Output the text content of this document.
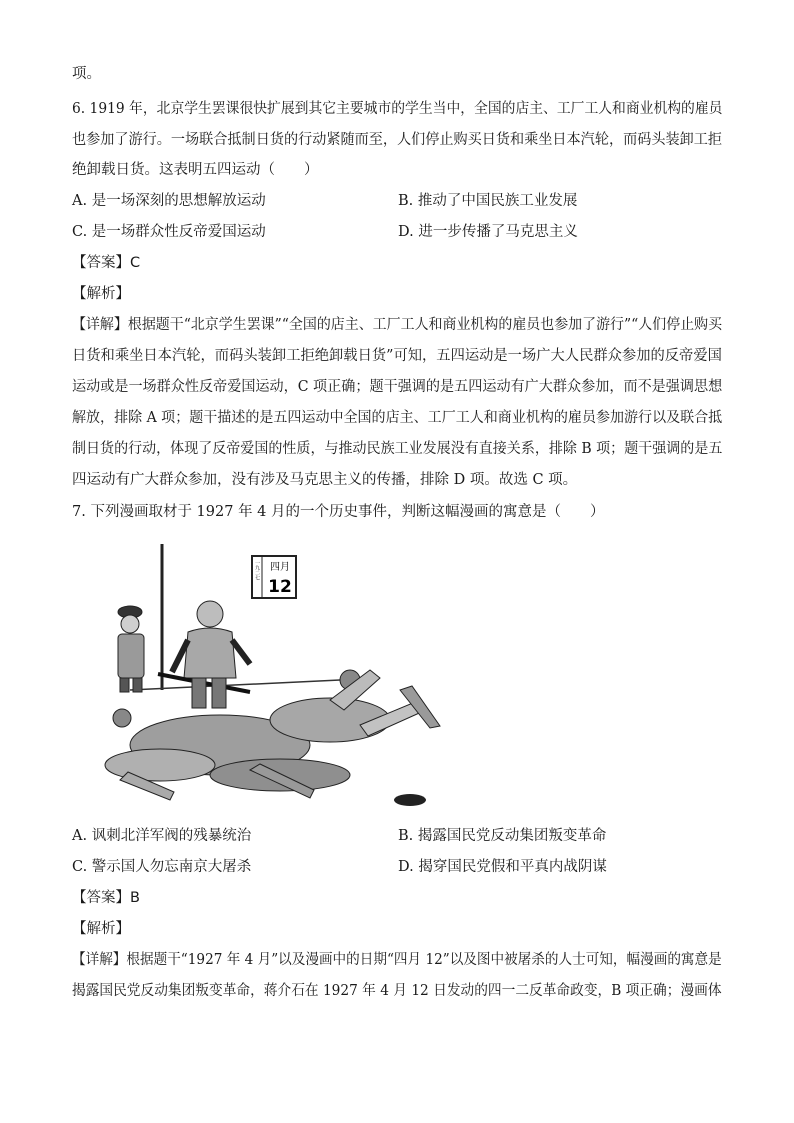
项。
6. 1919 年，北京学生罢课很快扩展到其它主要城市的学生当中，全国的店主、工厂工人和商业机构的雇员
也参加了游行。一场联合抵制日货的行动紧随而至，人们停止购买日货和乘坐日本汽轮，而码头装卸工拒
绝卸载日货。这表明五四运动（　　）
A. 是一场深刻的思想解放运动	B. 推动了中国民族工业发展
C. 是一场群众性反帝爱国运动	D. 进一步传播了马克思主义
【答案】C
【解析】
【详解】根据题干“北京学生罢课”“全国的店主、工厂工人和商业机构的雇员也参加了游行”“人们停止购买
日货和乘坐日本汽轮，而码头装卸工拒绝卸载日货”可知，五四运动是一场广大人民群众参加的反帝爱国
运动或是一场群众性反帝爱国运动，C 项正确；题干强调的是五四运动有广大群众参加，而不是强调思想
解放，排除 A 项；题干描述的是五四运动中全国的店主、工厂工人和商业机构的雇员参加游行以及联合抵
制日货的行动，体现了反帝爱国的性质，与推动民族工业发展没有直接关系，排除 B 项；题干强调的是五
四运动有广大群众参加，没有涉及马克思主义的传播，排除 D 项。故选 C 项。
7. 下列漫画取材于 1927 年 4 月的一个历史事件，判断这幅漫画的寓意是（　　）
四月
12
一九二七
A. 讽刺北洋军阀的残暴统治	B. 揭露国民党反动集团叛变革命
C. 警示国人勿忘南京大屠杀	D. 揭穿国民党假和平真内战阴谋
【答案】B
【解析】
【详解】根据题干“1927 年 4 月”以及漫画中的日期“四月 12”以及图中被屠杀的人士可知，幅漫画的寓意是
揭露国民党反动集团叛变革命，蒋介石在 1927 年 4 月 12 日发动的四一二反革命政变，B 项正确；漫画体
